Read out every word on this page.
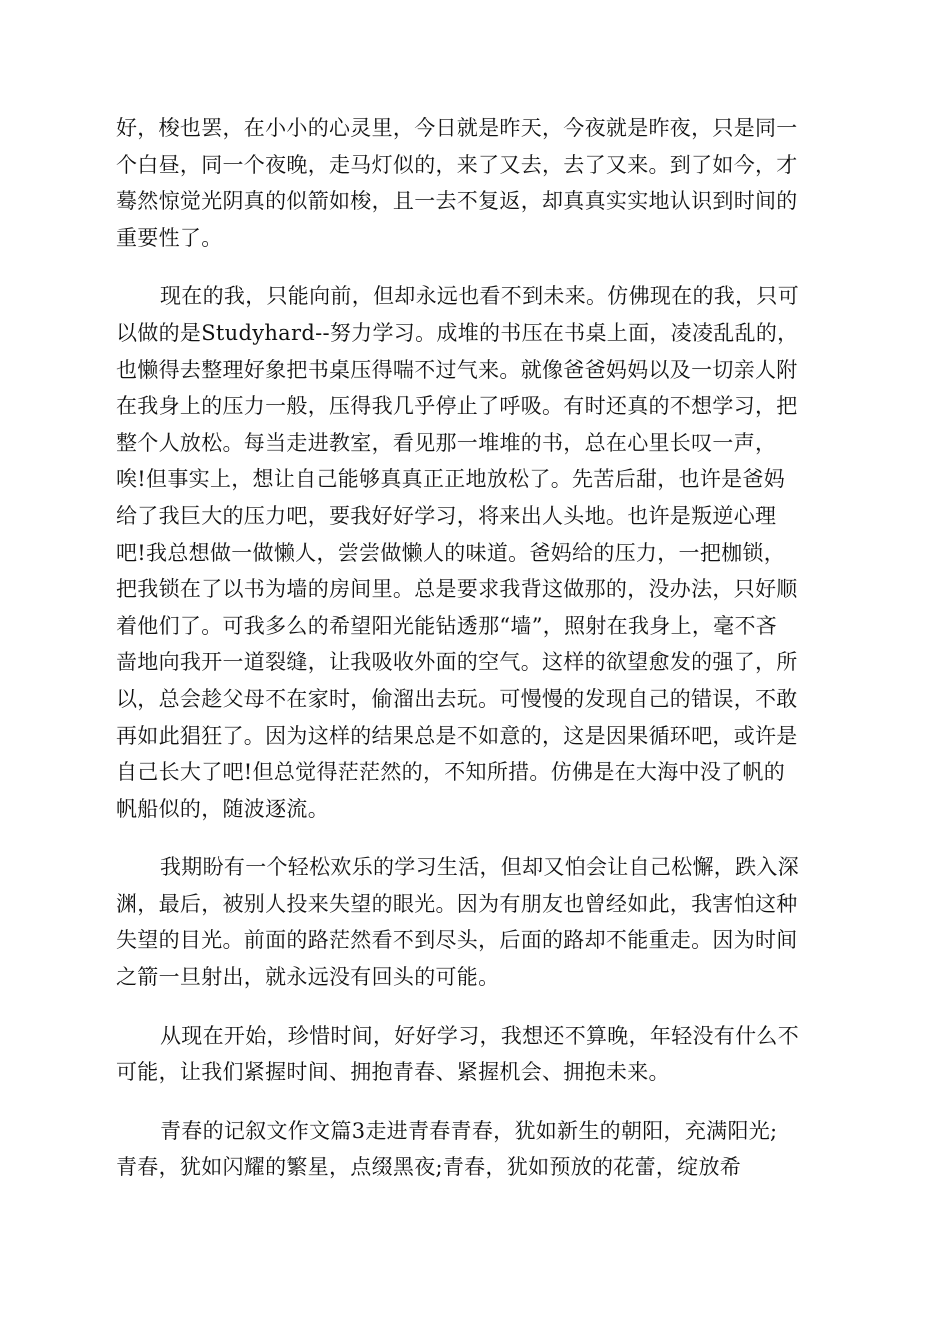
好，梭也罢，在小小的心灵里，今日就是昨天，今夜就是昨夜，只是同一
个白昼，同一个夜晚，走马灯似的，来了又去，去了又来。到了如今，才
蓦然惊觉光阴真的似箭如梭，且一去不复返，却真真实实地认识到时间的
重要性了。
现在的我，只能向前，但却永远也看不到未来。仿佛现在的我，只可
以做的是Studyhard--努力学习。成堆的书压在书桌上面，凌凌乱乱的，
也懒得去整理好象把书桌压得喘不过气来。就像爸爸妈妈以及一切亲人附
在我身上的压力一般，压得我几乎停止了呼吸。有时还真的不想学习，把
整个人放松。每当走进教室，看见那一堆堆的书，总在心里长叹一声，
唉!但事实上，想让自己能够真真正正地放松了。先苦后甜，也许是爸妈
给了我巨大的压力吧，要我好好学习，将来出人头地。也许是叛逆心理
吧!我总想做一做懒人，尝尝做懒人的味道。爸妈给的压力，一把枷锁，
把我锁在了以书为墙的房间里。总是要求我背这做那的，没办法，只好顺
着他们了。可我多么的希望阳光能钻透那“墙”，照射在我身上，毫不吝
啬地向我开一道裂缝，让我吸收外面的空气。这样的欲望愈发的强了，所
以，总会趁父母不在家时，偷溜出去玩。可慢慢的发现自己的错误，不敢
再如此猖狂了。因为这样的结果总是不如意的，这是因果循环吧，或许是
自己长大了吧!但总觉得茫茫然的，不知所措。仿佛是在大海中没了帆的
帆船似的，随波逐流。
我期盼有一个轻松欢乐的学习生活，但却又怕会让自己松懈，跌入深
渊，最后，被别人投来失望的眼光。因为有朋友也曾经如此，我害怕这种
失望的目光。前面的路茫然看不到尽头，后面的路却不能重走。因为时间
之箭一旦射出，就永远没有回头的可能。
从现在开始，珍惜时间，好好学习，我想还不算晚，年轻没有什么不
可能，让我们紧握时间、拥抱青春、紧握机会、拥抱未来。
青春的记叙文作文篇3走进青春青春，犹如新生的朝阳，充满阳光;
青春，犹如闪耀的繁星，点缀黑夜;青春，犹如预放的花蕾，绽放希
